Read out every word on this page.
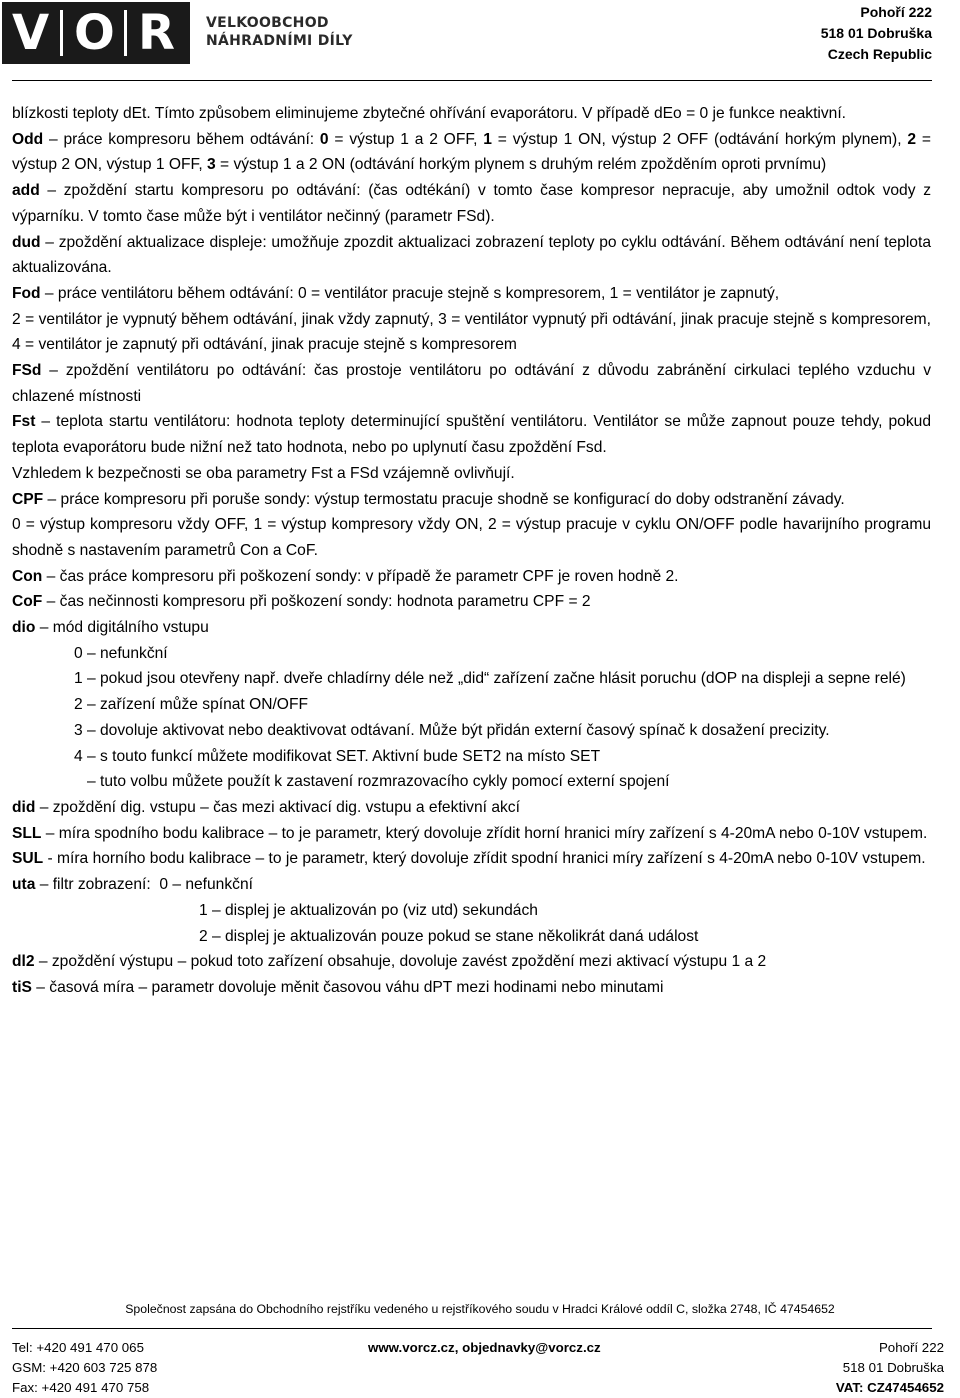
V O R VELKOOBCHOD
NÁHRADNÍMI DÍLY
Pohoří 222
518 01 Dobruška
Czech Republic

blízkosti teploty dEt. Tímto způsobem eliminujeme zbytečné ohřívání evaporátoru. V případě dEo = 0 je funkce neaktivní.

Odd – práce kompresoru během odtávání: 0 = výstup 1 a 2 OFF, 1 = výstup 1 ON, výstup 2 OFF (odtávání horkým plynem), 2 = výstup 2 ON, výstup 1 OFF, 3 = výstup 1 a 2 ON (odtávání horkým plynem s druhým relém zpožděním oproti prvnímu)

add – zpoždění startu kompresoru po odtávání: (čas odtékání) v tomto čase kompresor nepracuje, aby umožnil odtok vody z výparníku. V tomto čase může být i ventilátor nečinný (parametr FSd).

dud – zpoždění aktualizace displeje: umožňuje zpozdit aktualizaci zobrazení teploty po cyklu odtávání. Během odtávání není teplota aktualizována.

Fod – práce ventilátoru během odtávání: 0 = ventilátor pracuje stejně s kompresorem, 1 = ventilátor je zapnutý,

2 = ventilátor je vypnutý během odtávání, jinak vždy zapnutý, 3 = ventilátor vypnutý při odtávání, jinak pracuje stejně s kompresorem, 4 = ventilátor je zapnutý při odtávání, jinak pracuje stejně s kompresorem

FSd – zpoždění ventilátoru po odtávání: čas prostoje ventilátoru po odtávání z důvodu zabránění cirkulaci teplého vzduchu v chlazené místnosti

Fst – teplota startu ventilátoru: hodnota teploty determinující spuštění ventilátoru. Ventilátor se může zapnout pouze tehdy, pokud teplota evaporátoru bude nižní než tato hodnota, nebo po uplynutí času zpoždění Fsd.

Vzhledem k bezpečnosti se oba parametry Fst a FSd vzájemně ovlivňují.

CPF – práce kompresoru při poruše sondy: výstup termostatu pracuje shodně se konfigurací do doby odstranění závady.

0 = výstup kompresoru vždy OFF, 1 = výstup kompresory vždy ON, 2 = výstup pracuje v cyklu ON/OFF podle havarijního programu shodně s nastavením parametrů Con a CoF.

Con – čas práce kompresoru při poškození sondy: v případě že parametr CPF je roven hodně 2.

CoF – čas nečinnosti kompresoru při poškození sondy: hodnota parametru CPF = 2

dio – mód digitálního vstupu

0 – nefunkční

1 – pokud jsou otevřeny např. dveře chladírny déle než „did“ zařízení začne hlásit poruchu (dOP na displeji a sepne relé)

2 – zařízení může spínat ON/OFF

3 – dovoluje aktivovat nebo deaktivovat odtávaní. Může být přidán externí časový spínač k dosažení precizity.

4 – s touto funkcí můžete modifikovat SET. Aktivní bude SET2 na místo SET

– tuto volbu můžete použít k zastavení rozmrazovacího cykly pomocí externí spojení

did – zpoždění dig. vstupu – čas mezi aktivací dig. vstupu a efektivní akcí

SLL – míra spodního bodu kalibrace – to je parametr, který dovoluje zřídit horní hranici míry zařízení s 4-20mA nebo 0-10V vstupem.

SUL - míra horního bodu kalibrace – to je parametr, který dovoluje zřídit spodní hranici míry zařízení s 4-20mA nebo 0-10V vstupem.

uta – filtr zobrazení:  0 – nefunkční

1 – displej je aktualizován po (viz utd) sekundách

2 – displej je aktualizován pouze pokud se stane několikrát daná událost

dl2 – zpoždění výstupu – pokud toto zařízení obsahuje, dovoluje zavést zpoždění mezi aktivací výstupu 1 a 2

tiS – časová míra – parametr dovoluje měnit časovou váhu dPT mezi hodinami nebo minutami

Společnost zapsána do Obchodního rejstříku vedeného u rejstříkového soudu v Hradci Králové oddíl C, složka 2748, IČ 47454652
Tel: +420 491 470 065
GSM: +420 603 725 878
Fax: +420 491 470 758
www.vorcz.cz, objednavky@vorcz.cz	Pohoří 222
518 01 Dobruška
VAT: CZ47454652
